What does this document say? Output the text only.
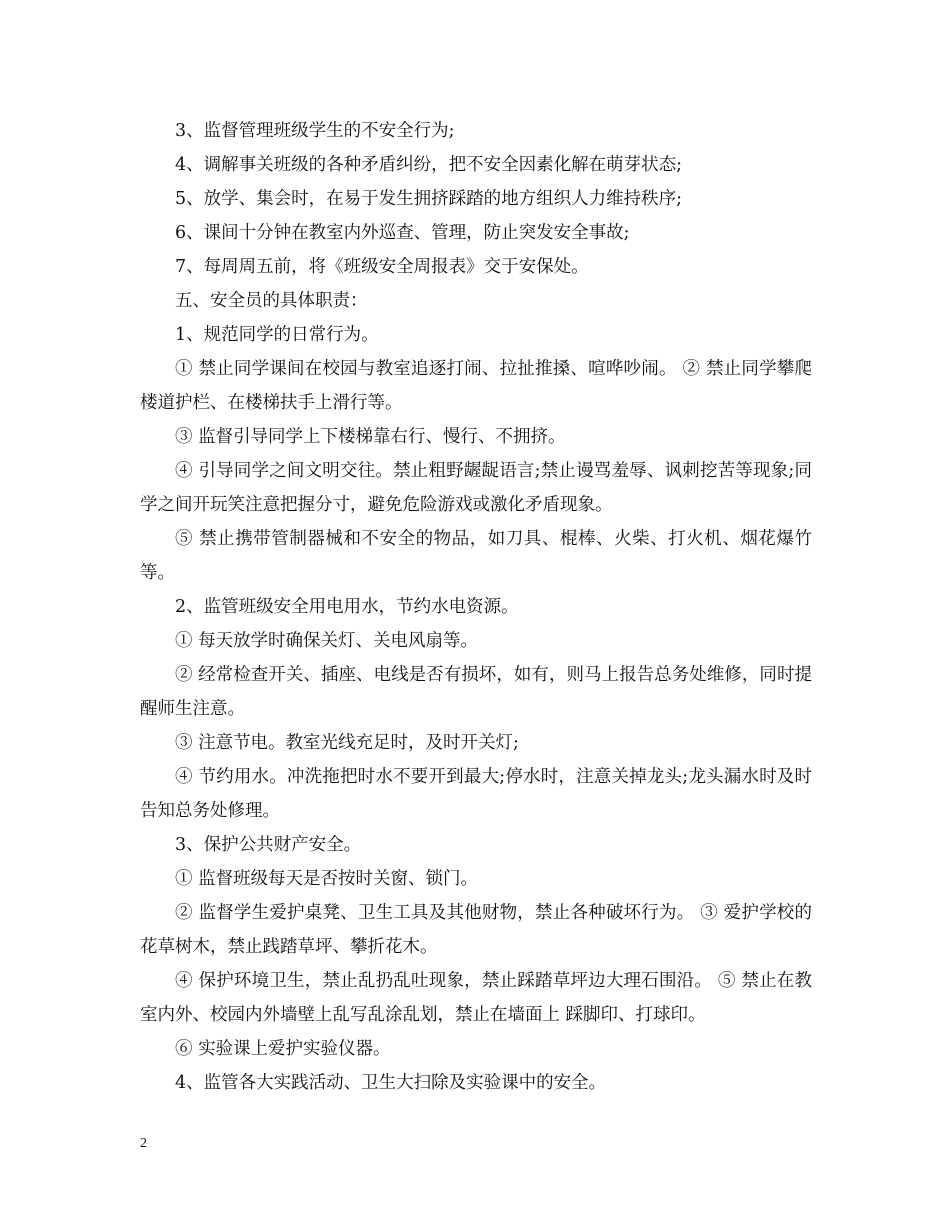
3、监督管理班级学生的不安全行为;

4、调解事关班级的各种矛盾纠纷，把不安全因素化解在萌芽状态;

5、放学、集会时，在易于发生拥挤踩踏的地方组织人力维持秩序;

6、课间十分钟在教室内外巡查、管理，防止突发安全事故;

7、每周周五前，将《班级安全周报表》交于安保处。

五、安全员的具体职责：

1、规范同学的日常行为。

① 禁止同学课间在校园与教室追逐打闹、拉扯推搡、喧哗吵闹。 ② 禁止同学攀爬楼道护栏、在楼梯扶手上滑行等。

③ 监督引导同学上下楼梯靠右行、慢行、不拥挤。

④ 引导同学之间文明交往。禁止粗野龌龊语言;禁止谩骂羞辱、讽刺挖苦等现象;同学之间开玩笑注意把握分寸，避免危险游戏或激化矛盾现象。

⑤ 禁止携带管制器械和不安全的物品，如刀具、棍棒、火柴、打火机、烟花爆竹等。

2、监管班级安全用电用水，节约水电资源。

① 每天放学时确保关灯、关电风扇等。

② 经常检查开关、插座、电线是否有损坏，如有，则马上报告总务处维修，同时提醒师生注意。

③ 注意节电。教室光线充足时，及时开关灯;

④ 节约用水。冲洗拖把时水不要开到最大;停水时，注意关掉龙头;龙头漏水时及时告知总务处修理。

3、保护公共财产安全。

① 监督班级每天是否按时关窗、锁门。

② 监督学生爱护桌凳、卫生工具及其他财物，禁止各种破坏行为。 ③ 爱护学校的花草树木，禁止践踏草坪、攀折花木。

④ 保护环境卫生，禁止乱扔乱吐现象，禁止踩踏草坪边大理石围沿。 ⑤ 禁止在教室内外、校园内外墙壁上乱写乱涂乱划，禁止在墙面上 踩脚印、打球印。

⑥ 实验课上爱护实验仪器。

4、监管各大实践活动、卫生大扫除及实验课中的安全。

2
